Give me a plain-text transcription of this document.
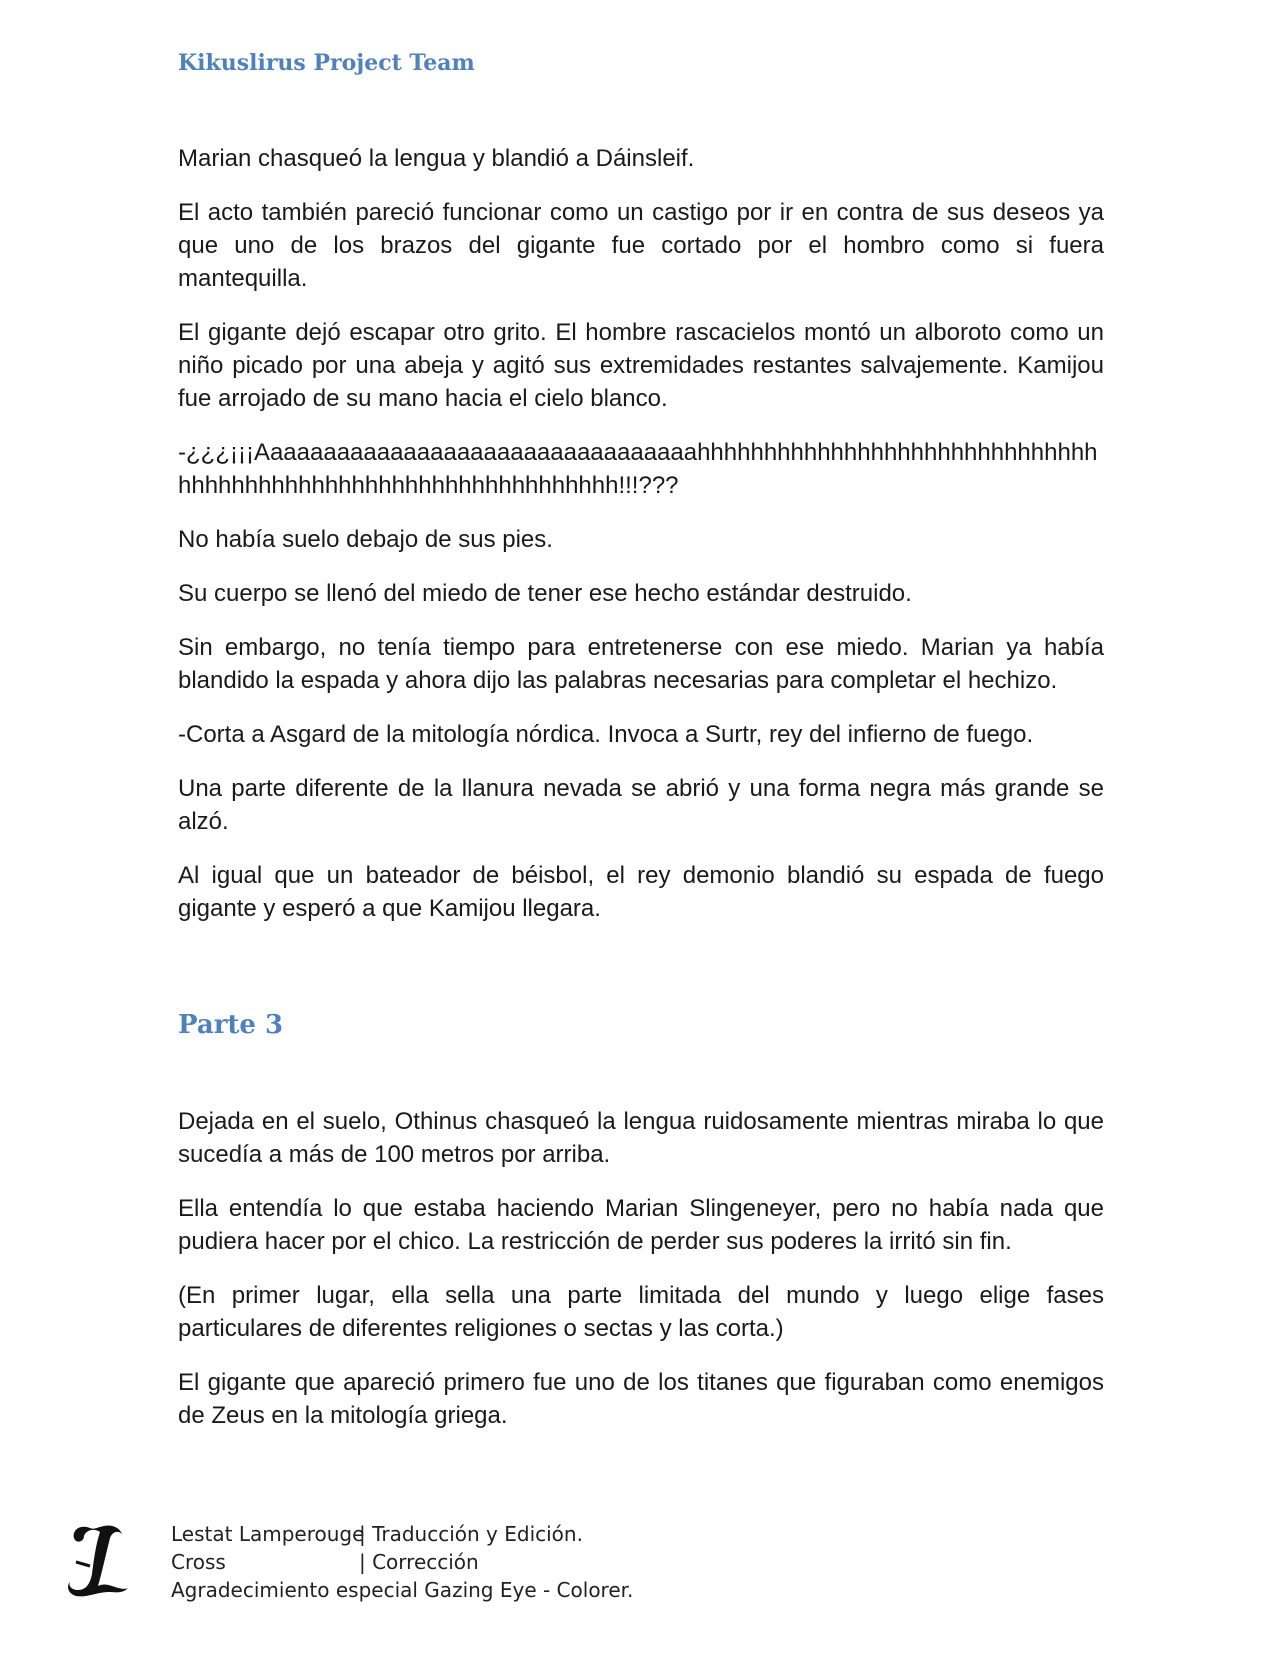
Kikuslirus Project Team

Marian chasqueó la lengua y blandió a Dáinsleif.

El acto también pareció funcionar como un castigo por ir en contra de sus deseos ya que uno de los brazos del gigante fue cortado por el hombro como si fuera mantequilla.

El gigante dejó escapar otro grito. El hombre rascacielos montó un alboroto como un niño picado por una abeja y agitó sus extremidades restantes salvajemente. Kamijou fue arrojado de su mano hacia el cielo blanco.

-¿¿¿¡¡¡Aaaaaaaaaaaaaaaaaaaaaaaaaaaaaaaaahhhhhhhhhhhhhhhhhhhhhhhhhhhhhhhhhhhhhhhhhhhhhhhhhhhhhhhhhhhhhhh!!!???

No había suelo debajo de sus pies.

Su cuerpo se llenó del miedo de tener ese hecho estándar destruido.

Sin embargo, no tenía tiempo para entretenerse con ese miedo. Marian ya había blandido la espada y ahora dijo las palabras necesarias para completar el hechizo.

-Corta a Asgard de la mitología nórdica. Invoca a Surtr, rey del infierno de fuego.

Una parte diferente de la llanura nevada se abrió y una forma negra más grande se alzó.

Al igual que un bateador de béisbol, el rey demonio blandió su espada de fuego gigante y esperó a que Kamijou llegara.

Parte 3

Dejada en el suelo, Othinus chasqueó la lengua ruidosamente mientras miraba lo que sucedía a más de 100 metros por arriba.

Ella entendía lo que estaba haciendo Marian Slingeneyer, pero no había nada que pudiera hacer por el chico. La restricción de perder sus poderes la irritó sin fin.

(En primer lugar, ella sella una parte limitada del mundo y luego elige fases particulares de diferentes religiones o sectas y las corta.)

El gigante que apareció primero fue uno de los titanes que figuraban como enemigos de Zeus en la mitología griega.

Lestat Lamperouge
| Traducción y Edición.
Cross	| Corrección
Agradecimiento especial Gazing Eye - Colorer.
